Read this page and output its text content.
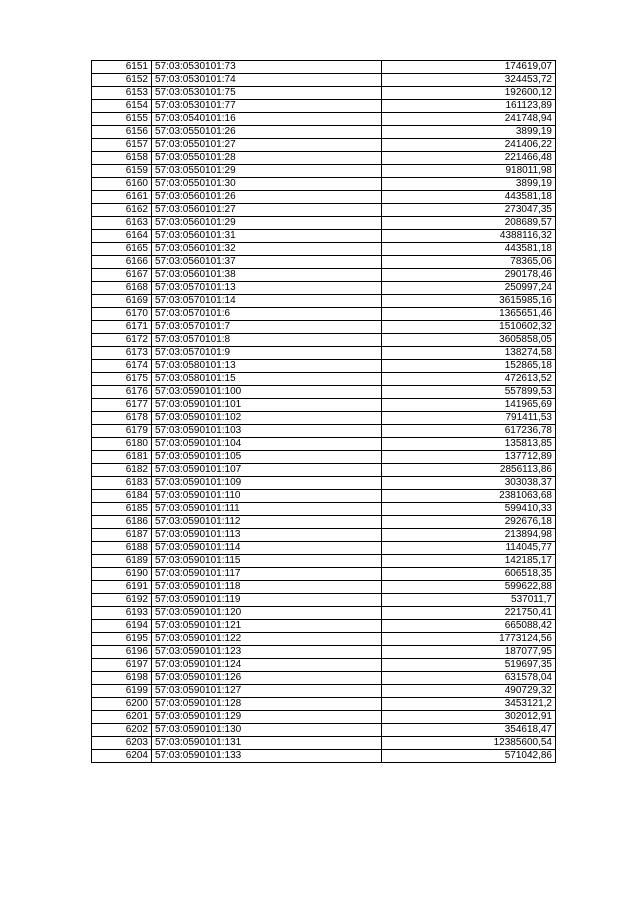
6151	57:03:0530101:73	174619,07
6152	57:03:0530101:74	324453,72
6153	57:03:0530101:75	192600,12
6154	57:03:0530101:77	161123,89
6155	57:03:0540101:16	241748,94
6156	57:03:0550101:26	3899,19
6157	57:03:0550101:27	241406,22
6158	57:03:0550101:28	221466,48
6159	57:03:0550101:29	918011,98
6160	57:03:0550101:30	3899,19
6161	57:03:0560101:26	443581,18
6162	57:03:0560101:27	273047,35
6163	57:03:0560101:29	208689,57
6164	57:03:0560101:31	4388116,32
6165	57:03:0560101:32	443581,18
6166	57:03:0560101:37	78365,06
6167	57:03:0560101:38	290178,46
6168	57:03:0570101:13	250997,24
6169	57:03:0570101:14	3615985,16
6170	57:03:0570101:6	1365651,46
6171	57:03:0570101:7	1510602,32
6172	57:03:0570101:8	3605858,05
6173	57:03:0570101:9	138274,58
6174	57:03:0580101:13	152865,18
6175	57:03:0580101:15	472613,52
6176	57:03:0590101:100	557899,53
6177	57:03:0590101:101	141965,69
6178	57:03:0590101:102	791411,53
6179	57:03:0590101:103	617236,78
6180	57:03:0590101:104	135813,85
6181	57:03:0590101:105	137712,89
6182	57:03:0590101:107	2856113,86
6183	57:03:0590101:109	303038,37
6184	57:03:0590101:110	2381063,68
6185	57:03:0590101:111	599410,33
6186	57:03:0590101:112	292676,18
6187	57:03:0590101:113	213894,98
6188	57:03:0590101:114	114045,77
6189	57:03:0590101:115	142185,17
6190	57:03:0590101:117	606518,35
6191	57:03:0590101:118	599622,88
6192	57:03:0590101:119	537011,7
6193	57:03:0590101:120	221750,41
6194	57:03:0590101:121	665088,42
6195	57:03:0590101:122	1773124,56
6196	57:03:0590101:123	187077,95
6197	57:03:0590101:124	519697,35
6198	57:03:0590101:126	631578,04
6199	57:03:0590101:127	490729,32
6200	57:03:0590101:128	3453121,2
6201	57:03:0590101:129	302012,91
6202	57:03:0590101:130	354618,47
6203	57:03:0590101:131	12385600,54
6204	57:03:0590101:133	571042,86
